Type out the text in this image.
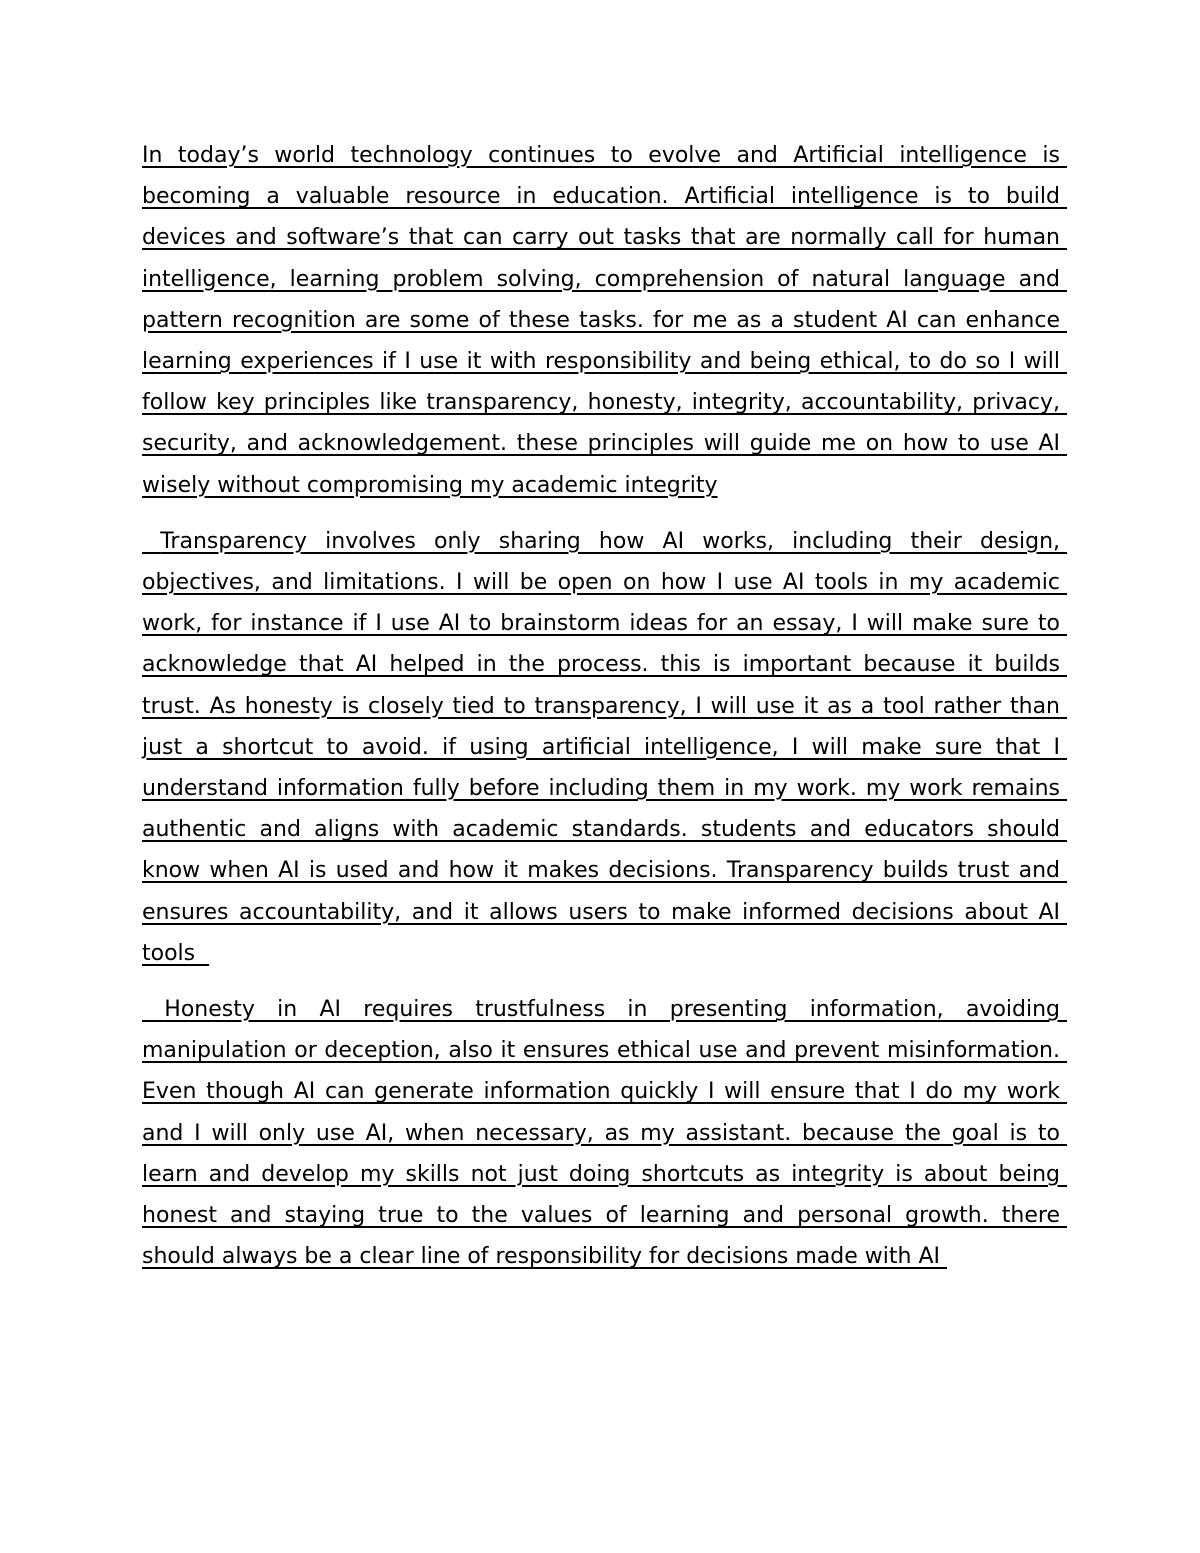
In today’s world technology continues to evolve and Artificial intelligence is becoming a valuable resource in education. Artificial intelligence is to build devices and software’s that can carry out tasks that are normally call for human intelligence, learning problem solving, comprehension of natural language and pattern recognition are some of these tasks. for me as a student AI can enhance learning experiences if I use it with responsibility and being ethical, to do so I will follow key principles like transparency, honesty, integrity, accountability, privacy, security, and acknowledgement. these principles will guide me on how to use AI wisely without compromising my academic integrity

Transparency involves only sharing how AI works, including their design, objectives, and limitations. I will be open on how I use AI tools in my academic work, for instance if I use AI to brainstorm ideas for an essay, I will make sure to acknowledge that AI helped in the process. this is important because it builds trust. As honesty is closely tied to transparency, I will use it as a tool rather than just a shortcut to avoid. if using artificial intelligence, I will make sure that I understand information fully before including them in my work. my work remains authentic and aligns with academic standards. students and educators should know when AI is used and how it makes decisions. Transparency builds trust and ensures accountability, and it allows users to make informed decisions about AI tools

Honesty in AI requires trustfulness in presenting information, avoiding manipulation or deception, also it ensures ethical use and prevent misinformation. Even though AI can generate information quickly I will ensure that I do my work and I will only use AI, when necessary, as my assistant. because the goal is to learn and develop my skills not just doing shortcuts as integrity is about being honest and staying true to the values of learning and personal growth. there should always be a clear line of responsibility for decisions made with AI
